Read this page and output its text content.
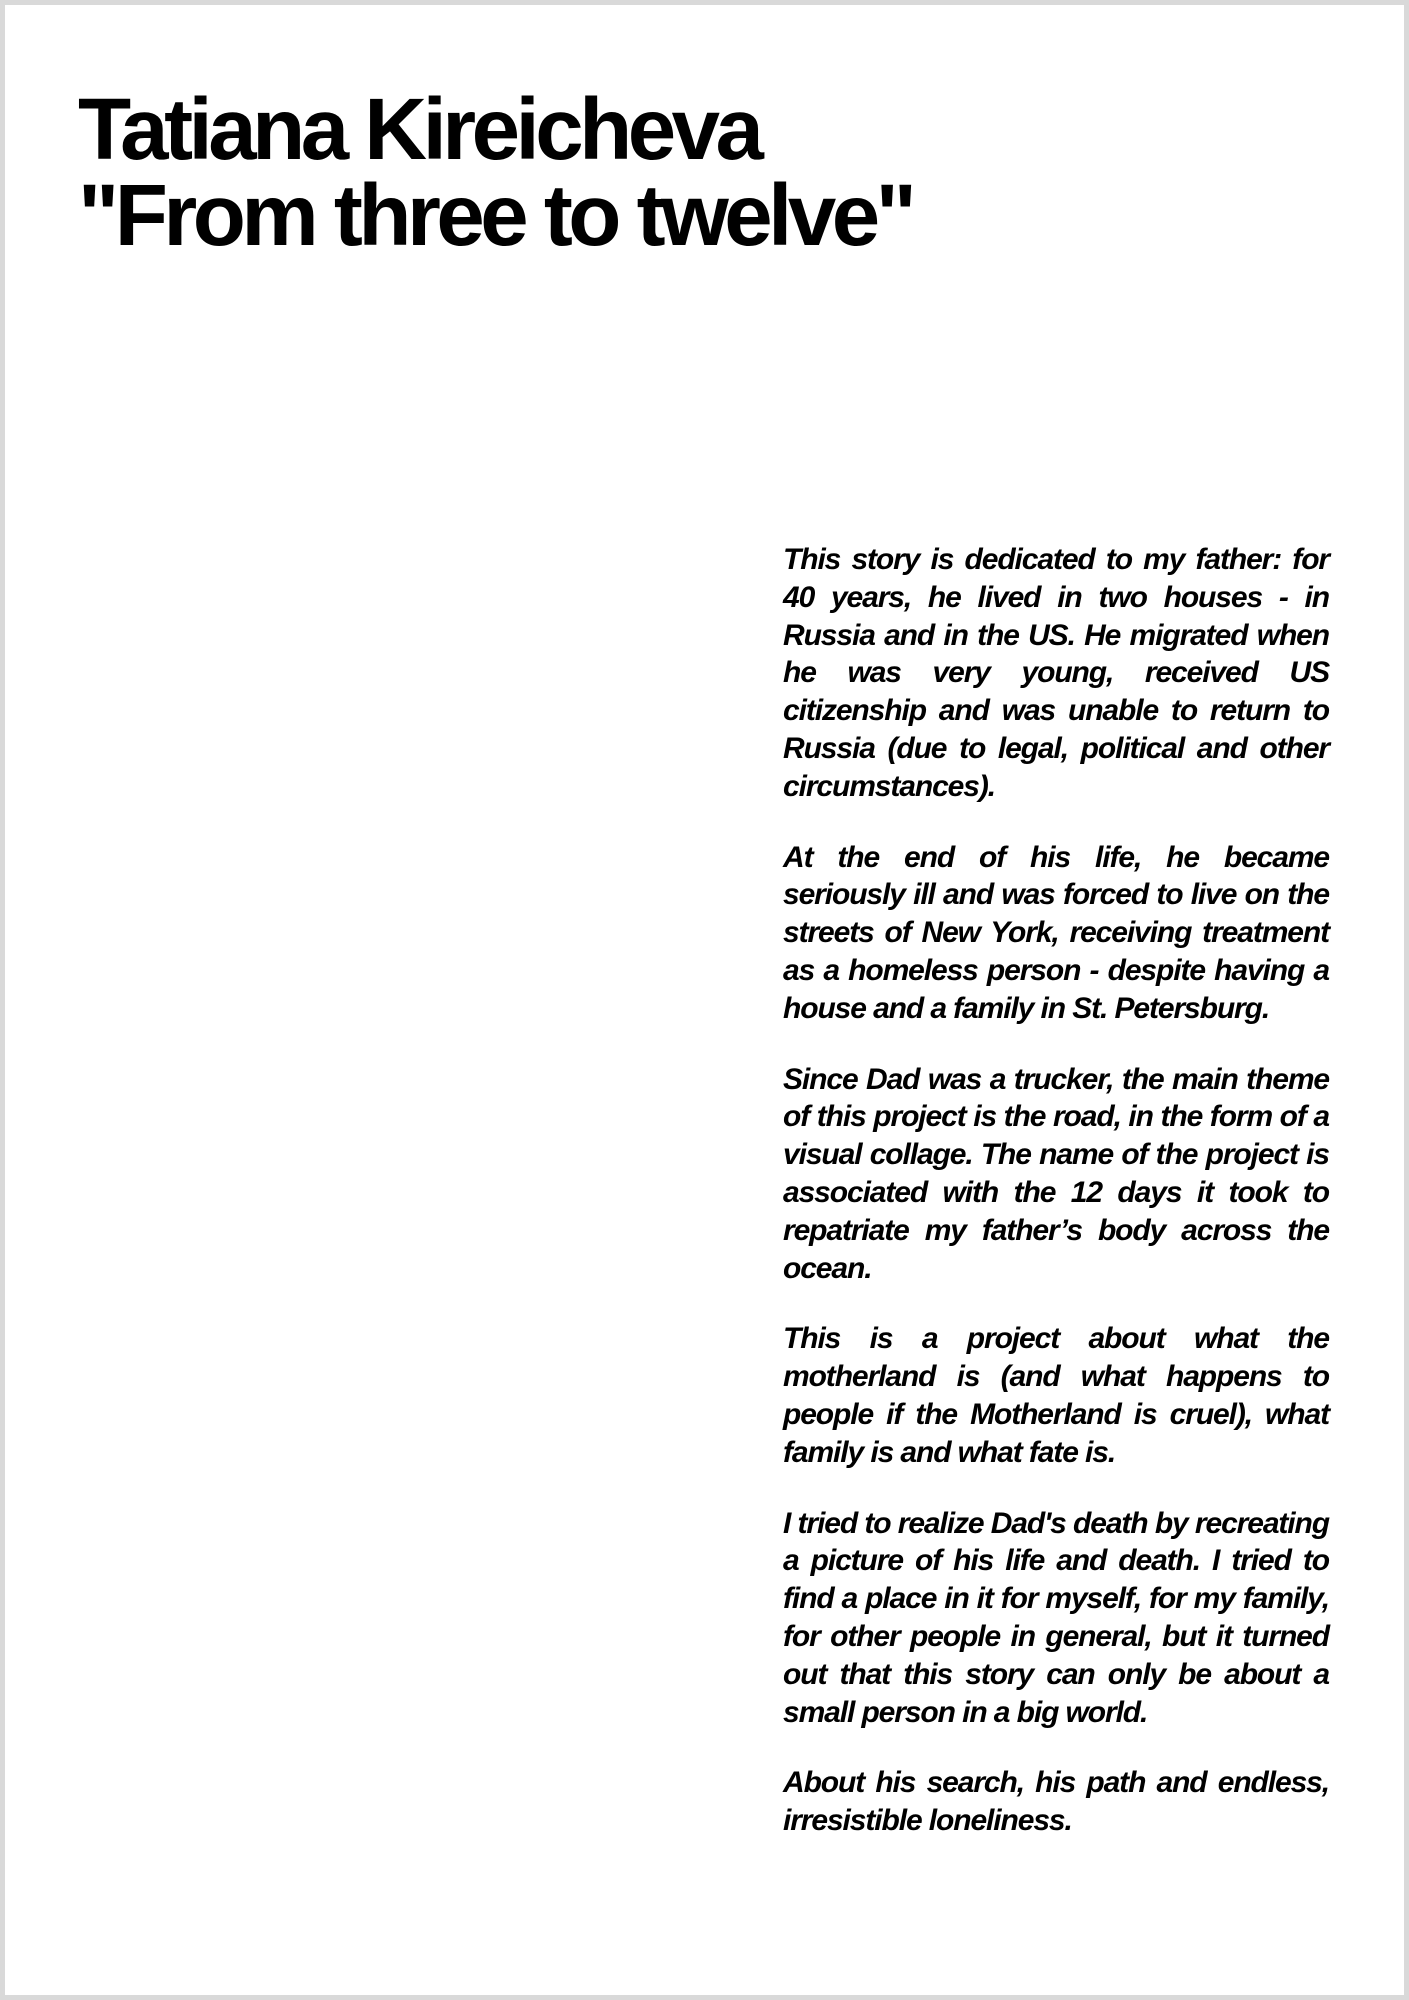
Tatiana Kireicheva
"From three to twelve"

This story is dedicated to my father: for 40 years, he lived in two houses - in Russia and in the US. He migrated when he was very young, received US citizenship and was unable to return to Russia (due to legal, political and other circumstances).

At the end of his life, he became seriously ill and was forced to live on the streets of New York, receiving treatment as a homeless person - despite having a house and a family in St. Petersburg.

Since Dad was a trucker, the main theme of this project is the road, in the form of a visual collage. The name of the project is associated with the 12 days it took to repatriate my father’s body across the ocean.

This is a project about what the motherland is (and what happens to people if the Motherland is cruel), what family is and what fate is.

I tried to realize Dad's death by recreating a picture of his life and death. I tried to find a place in it for myself, for my family, for other people in general, but it turned out that this story can only be about a small person in a big world.

About his search, his path and endless, irresistible loneliness.
